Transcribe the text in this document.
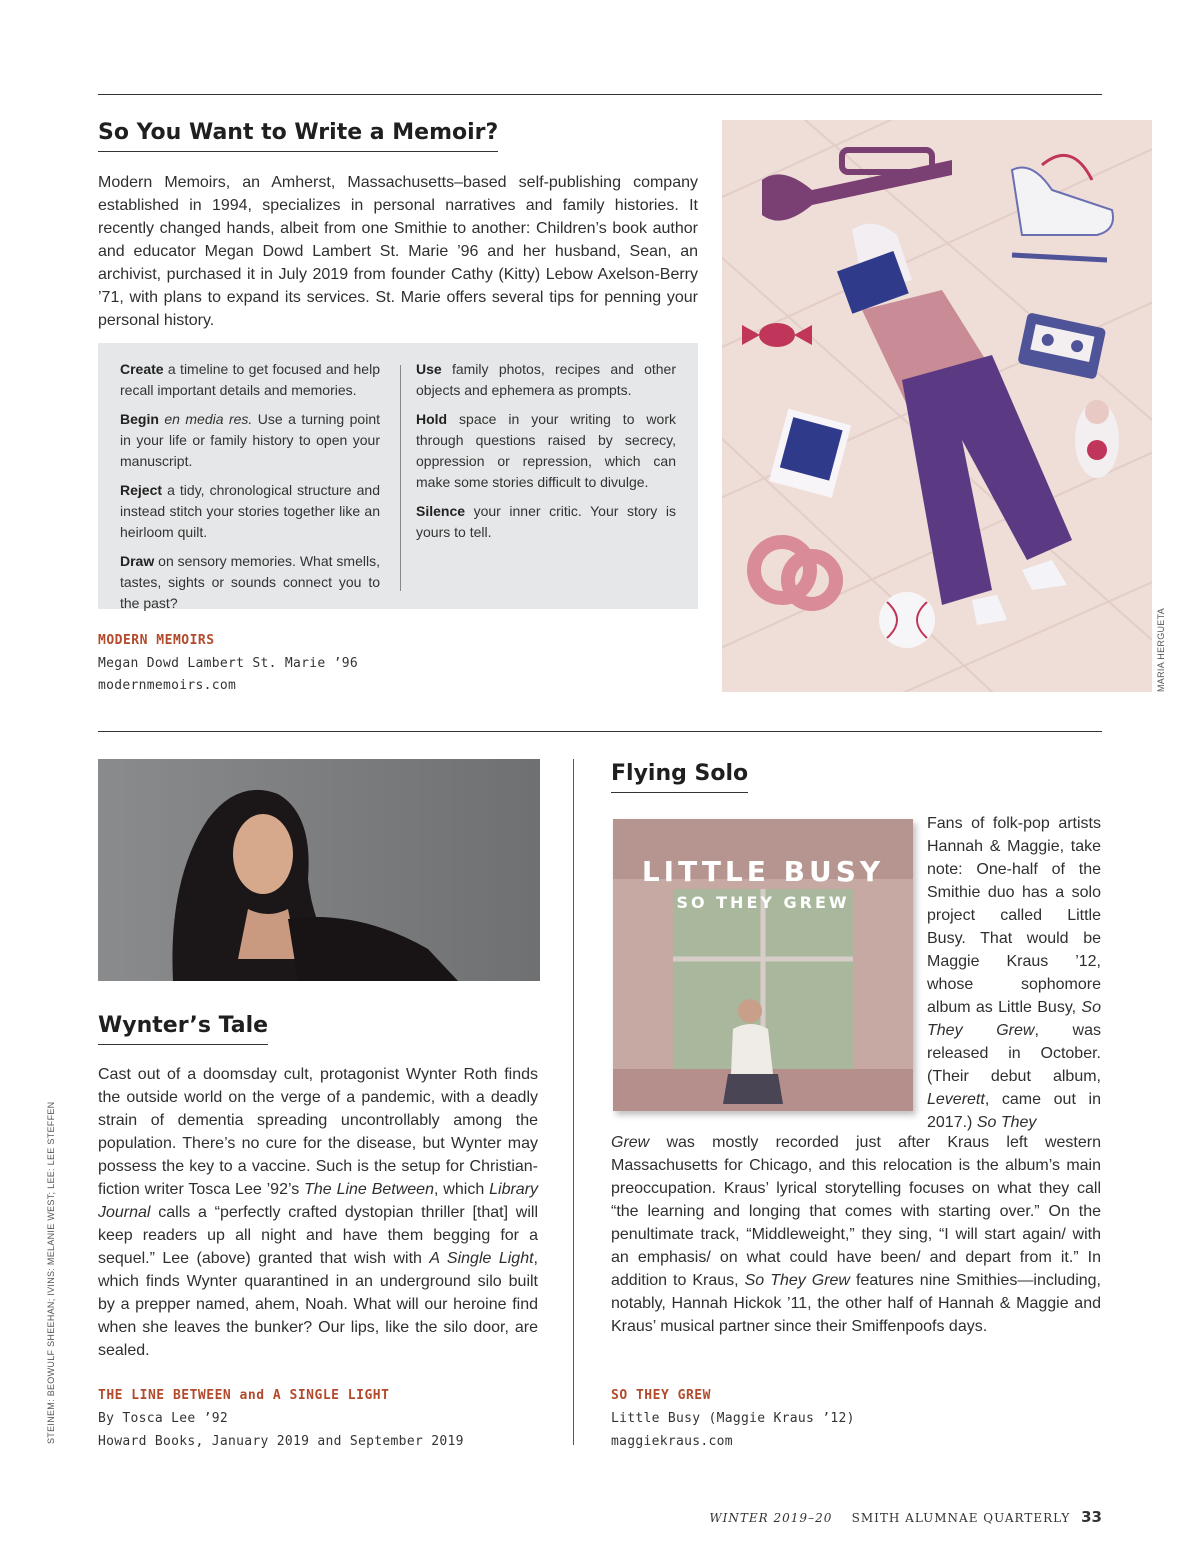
So You Want to Write a Memoir?
Modern Memoirs, an Amherst, Massachusetts–based self-publishing company established in 1994, specializes in personal narratives and family histories. It recently changed hands, albeit from one Smithie to another: Children’s book author and educator Megan Dowd Lambert St. Marie ’96 and her husband, Sean, an archivist, purchased it in July 2019 from founder Cathy (Kitty) Lebow Axelson-Berry ’71, with plans to expand its services. St. Marie offers several tips for penning your personal history.

Create a timeline to get focused and help recall important details and memories.

Begin en media res. Use a turning point in your life or family history to open your manuscript.

Reject a tidy, chronological structure and instead stitch your stories together like an heirloom quilt.

Draw on sensory memories. What smells, tastes, sights or sounds connect you to the past?

Use family photos, recipes and other objects and ephemera as prompts.

Hold space in your writing to work through questions raised by secrecy, oppression or repression, which can make some stories difficult to divulge.

Silence your inner critic. Your story is yours to tell.

MODERN MEMOIRS
Megan Dowd Lambert St. Marie ’96
modernmemoirs.com	MARIA HERGUETA
Wynter’s Tale
Cast out of a doomsday cult, protagonist Wynter Roth finds the outside world on the verge of a pandemic, with a deadly strain of dementia spreading uncontrollably among the population. There’s no cure for the disease, but Wynter may possess the key to a vaccine. Such is the setup for Christian-fiction writer Tosca Lee ’92’s The Line Between, which Library Journal calls a “perfectly crafted dystopian thriller [that] will keep readers up all night and have them begging for a sequel.” Lee (above) granted that wish with A Single Light, which finds Wynter quarantined in an underground silo built by a prepper named, ahem, Noah. What will our heroine find when she leaves the bunker? Our lips, like the silo door, are sealed.
THE LINE BETWEEN and A SINGLE LIGHT
By Tosca Lee ’92
Howard Books, January 2019 and September 2019
Flying Solo
LITTLE BUSY
SO THEY GREW
Fans of folk-pop artists Hannah & Maggie, take note: One-half of the Smithie duo has a solo project called Little Busy. That would be Maggie Kraus ’12, whose sophomore album as Little Busy, So They Grew, was released in October. (Their debut album, Leverett, came out in 2017.) So They
Grew was mostly recorded just after Kraus left western Massachusetts for Chicago, and this relocation is the album’s main preoccupation. Kraus’ lyrical storytelling focuses on what they call “the learning and longing that comes with starting over.” On the penultimate track, “Middleweight,” they sing, “I will start again/ with an emphasis/ on what could have been/ and depart from it.” In addition to Kraus, So They Grew features nine Smithies—including, notably, Hannah Hickok ’11, the other half of Hannah & Maggie and Kraus’ musical partner since their Smiffenpoofs days.
SO THEY GREW
Little Busy (Maggie Kraus ’12)
maggiekraus.com
STEINEM: BEOWULF SHEEHAN; IVINS: MELANIE WEST; LEE: LEE STEFFEN
WINTER 2019–20 SMITH ALUMNAE QUARTERLY 33
